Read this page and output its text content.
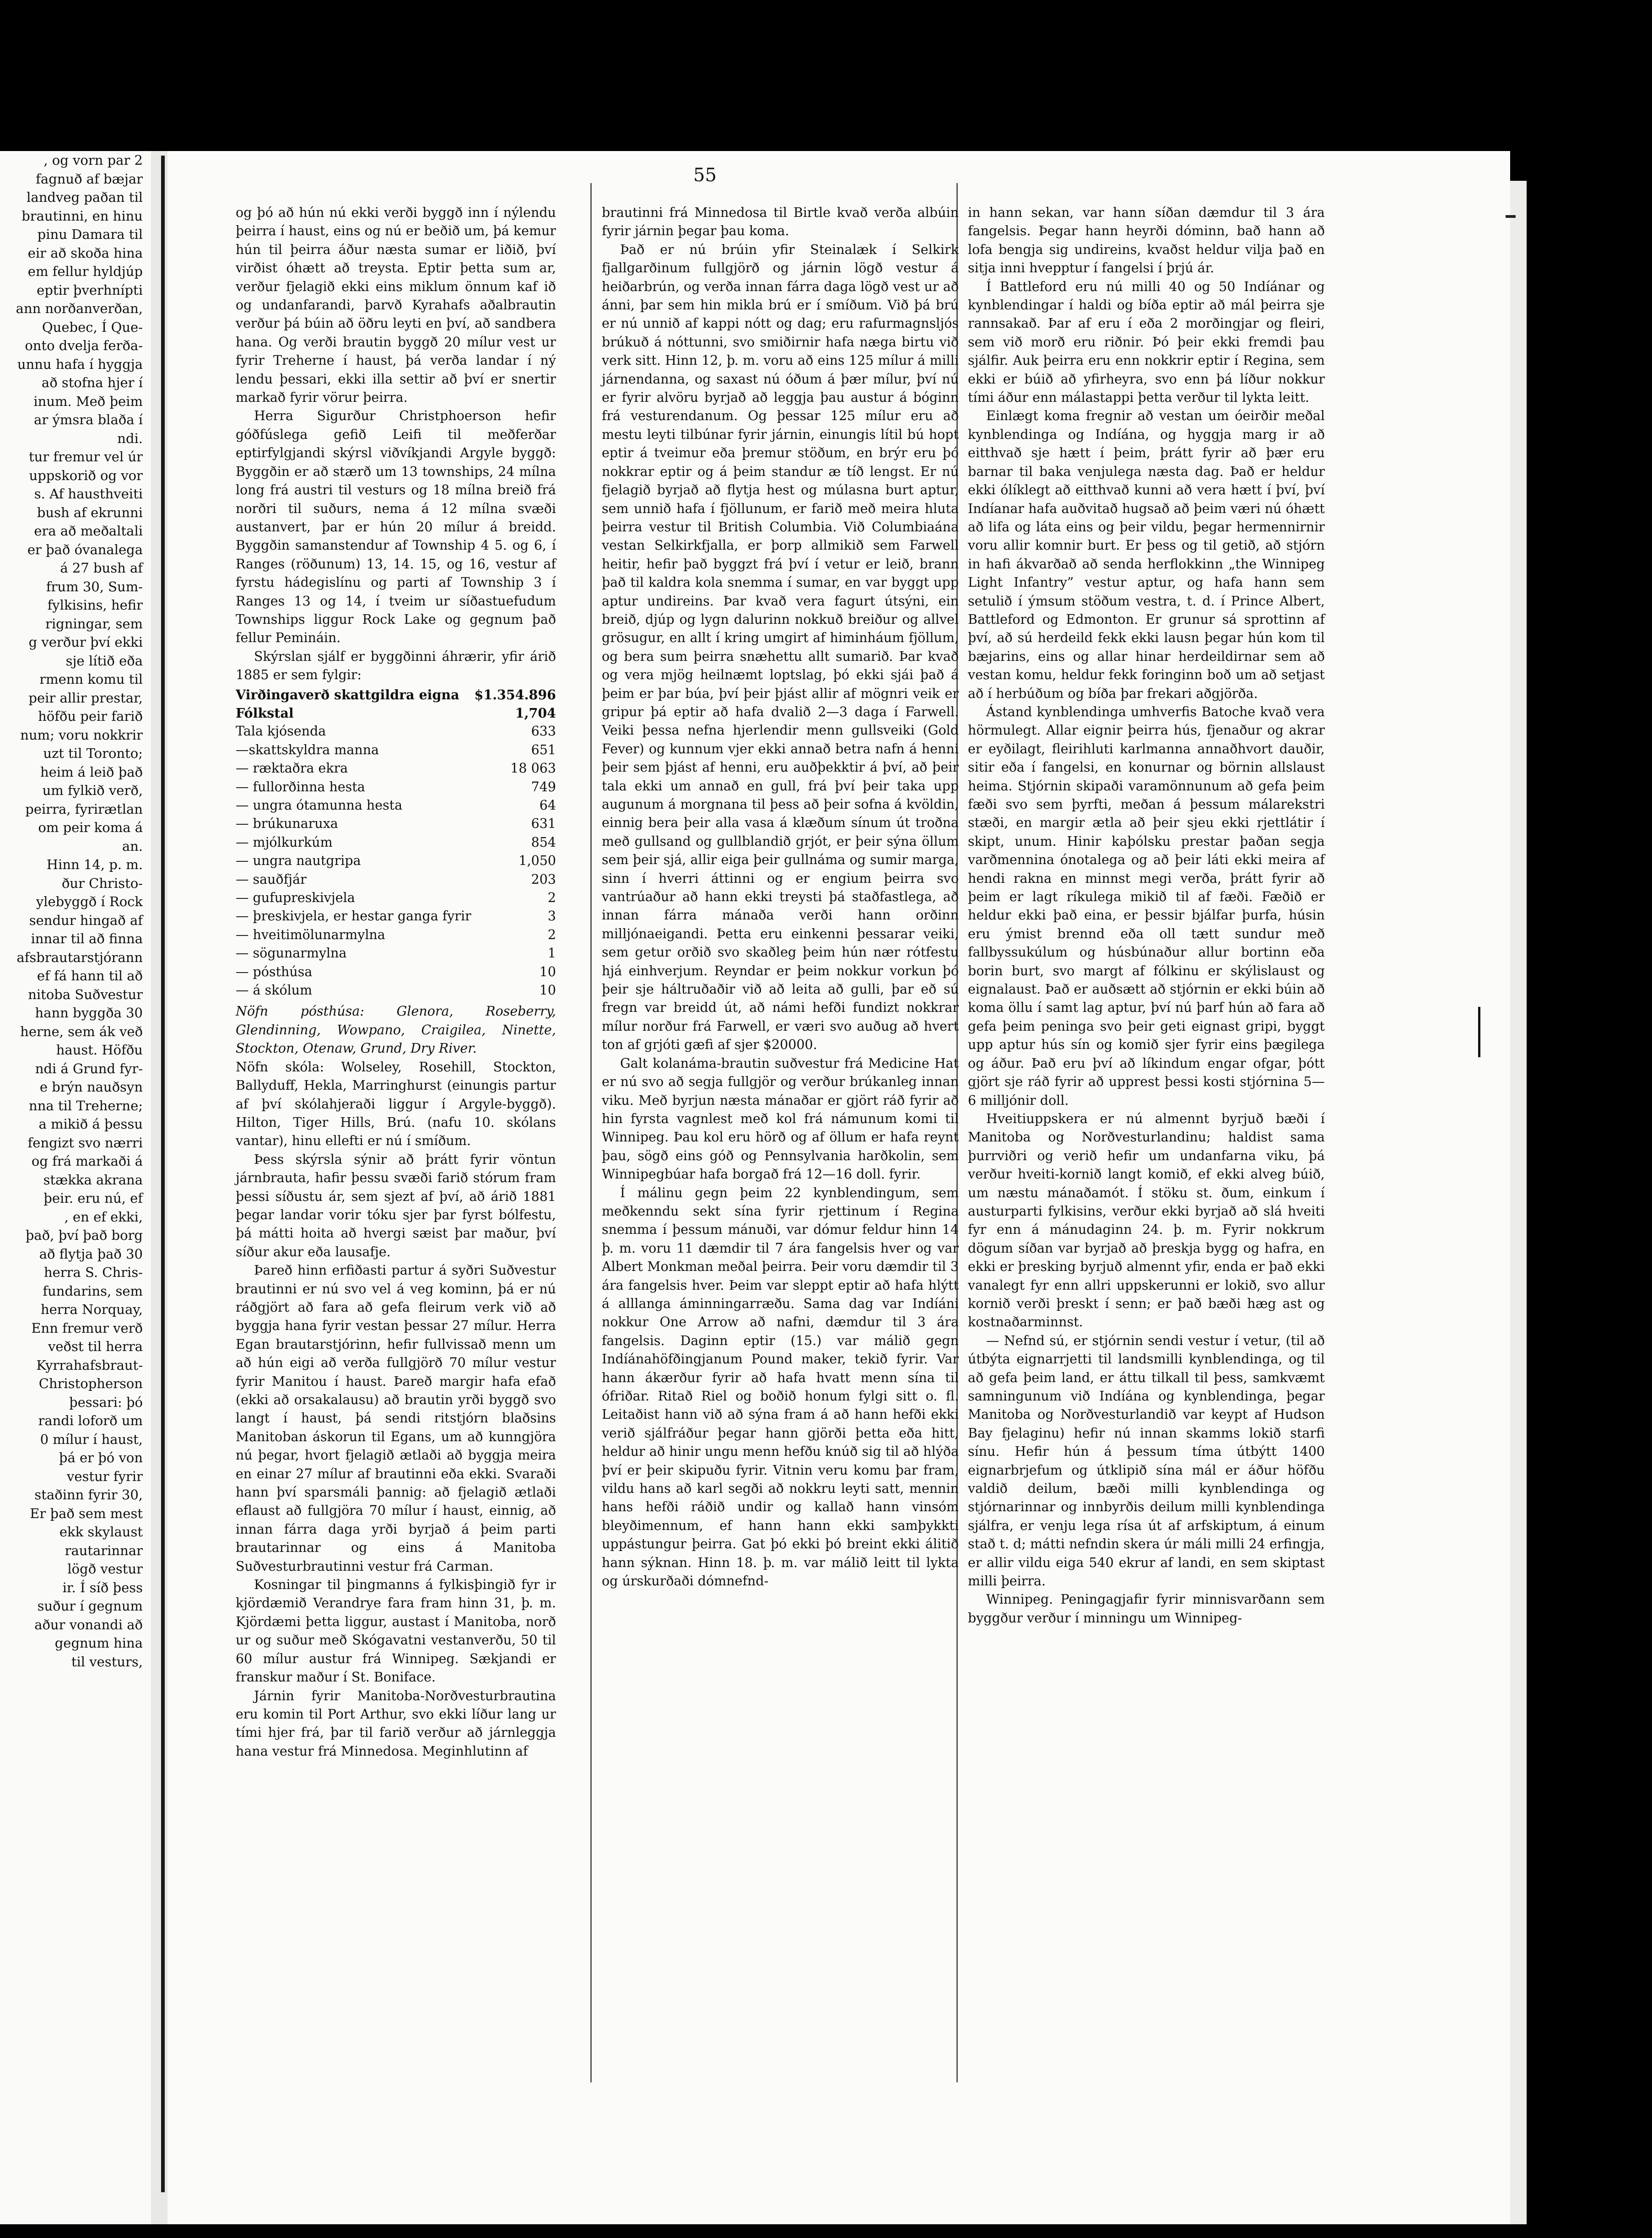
, og vorn par 2

fagnuð af bæjar

landveg paðan til

brautinni, en hinu

pinu Damara til

eir að skoða hina

em fellur hyldjúp

eptir þverhnípti

ann norðanverðan,

Quebec, Í Que-

onto dvelja ferða-

unnu hafa í hyggja

að stofna hjer í

inum. Með þeim

ar ýmsra blaða í

ndi.

tur fremur vel úr

uppskorið og vor

s. Af hausthveiti

bush af ekrunni

era að meðaltali

er það óvanalega

á 27 bush af

frum 30, Sum-

fylkisins, hefir

rigningar, sem

g verður því ekki

sje lítið eða

rmenn komu til

peir allir prestar,

höfðu peir farið

num; voru nokkrir

uzt til Toronto;

heim á leið það

um fylkið verð,

peirra, fyrirætlan

om peir koma á

an.

Hinn 14, p. m.

ður Christo-

ylebyggð í Rock

sendur hingað af

innar til að finna

afsbrautarstjórann

ef fá hann til að

nitoba Suðvestur

hann byggða 30

herne, sem ák veð

haust. Höfðu

ndi á Grund fyr-

e brýn nauðsyn

nna til Treherne;

a mikið á þessu

fengizt svo nærri

og frá markaði á

stækka akrana

þeir. eru nú, ef

, en ef ekki,

það, því það borg

að flytja það 30

herra S. Chris-

fundarins, sem

herra Norquay,

Enn fremur verð

veðst til herra

Kyrrahafsbraut-

Christopherson

þessari: þó

randi loforð um

0 mílur í haust,

þá er þó von

vestur fyrir

staðinn fyrir 30,

Er það sem mest

ekk skylaust

rautarinnar

lögð vestur

ir. Í síð þess

suður í gegnum

aður vonandi að

gegnum hina

til vesturs,

55

og þó að hún nú ekki verði byggð inn í nýlendu þeirra í haust, eins og nú er beðið um, þá kemur hún til þeirra áður næsta sumar er liðið, því virðist óhætt að treysta. Eptir þetta sum ar, verður fjelagið ekki eins miklum önnum kaf ið og undanfarandi, þarvð Kyrahafs aðalbrautin verður þá búin að öðru leyti en því, að sandbera hana. Og verði brautin byggð 20 mílur vest ur fyrir Treherne í haust, þá verða landar í ný lendu þessari, ekki illa settir að því er snertir markað fyrir vörur þeirra.

Herra Sigurður Christphoerson hefir góðfúslega gefið Leifi til meðferðar eptirfylgjandi skýrsl viðvíkjandi Argyle byggð: Byggðin er að stærð um 13 townships, 24 mílna long frá austri til vesturs og 18 mílna breið frá norðri til suðurs, nema á 12 mílna svæði austanvert, þar er hún 20 mílur á breidd. Byggðin samanstendur af Township 4 5. og 6, í Ranges (röðunum) 13, 14. 15, og 16, vestur af fyrstu hádegislínu og parti af Township 3 í Ranges 13 og 14, í tveim ur síðastuefudum Townships liggur Rock Lake og gegnum það fellur Pemináin.

Skýrslan sjálf er byggðinni áhrærir, yfir árið 1885 er sem fylgir:

Virðingaverð skattgildra eigna $1.354.896
Fólkstal	1,704
Tala kjósenda	633
—skattskyldra manna	651
— ræktaðra ekra	18 063
— fullorðinna hesta	749
— ungra ótamunna hesta	64
— brúkunaruxa	631
— mjólkurkúm	854
— ungra nautgripa	1,050
— sauðfjár	203
— gufupreskivjela	2
— þreskivjela, er hestar ganga fyrir	3
— hveitimölunarmylna	2
— sögunarmylna	1
— pósthúsa	10
— á skólum	10

Nöfn pósthúsa: Glenora, Roseberry, Glendinning, Wowpano, Craigilea, Ninette, Stockton, Otenaw, Grund, Dry River.

Nöfn skóla: Wolseley, Rosehill, Stockton, Ballyduff, Hekla, Marringhurst (einungis partur af því skólahjeraði liggur í Argyle-byggð). Hilton, Tiger Hills, Brú. (nafu 10. skólans vantar), hinu ellefti er nú í smíðum.

Þess skýrsla sýnir að þrátt fyrir vöntun járnbrauta, hafir þessu svæði farið stórum fram þessi síðustu ár, sem sjezt af því, að árið 1881 þegar landar vorir tóku sjer þar fyrst bólfestu, þá mátti hoita að hvergi sæist þar maður, því síður akur eða lausafje.

Þareð hinn erfiðasti partur á syðri Suðvestur brautinni er nú svo vel á veg kominn, þá er nú ráðgjört að fara að gefa fleirum verk við að byggja hana fyrir vestan þessar 27 mílur. Herra Egan brautarstjórinn, hefir fullvissað menn um að hún eigi að verða fullgjörð 70 mílur vestur fyrir Manitou í haust. Þareð margir hafa efað (ekki að orsakalausu) að brautin yrði byggð svo langt í haust, þá sendi ritstjórn blaðsins Manitoban áskorun til Egans, um að kunngjöra nú þegar, hvort fjelagið ætlaði að byggja meira en einar 27 mílur af brautinni eða ekki. Svaraði hann því sparsmáli þannig: að fjelagið ætlaði eflaust að fullgjöra 70 mílur í haust, einnig, að innan fárra daga yrði byrjað á þeim parti brautarinnar og eins á Manitoba Suðvesturbrautinni vestur frá Carman.

Kosningar til þingmanns á fylkisþingið fyr ir kjördæmið Verandrye fara fram hinn 31, þ. m. Kjördæmi þetta liggur, austast í Manitoba, norð ur og suður með Skógavatni vestanverðu, 50 til 60 mílur austur frá Winnipeg. Sækjandi er franskur maður í St. Boniface.

Járnin fyrir Manitoba-Norðvesturbrautina eru komin til Port Arthur, svo ekki líður lang ur tími hjer frá, þar til farið verður að járnleggja hana vestur frá Minnedosa. Meginhlutinn af

brautinni frá Minnedosa til Birtle kvað verða albúin fyrir járnin þegar þau koma.

Það er nú brúin yfir Steinalæk í Selkirk fjallgarðinum fullgjörð og járnin lögð vestur á heiðarbrún, og verða innan fárra daga lögð vest ur að ánni, þar sem hin mikla brú er í smíðum. Við þá brú er nú unnið af kappi nótt og dag; eru rafurmagnsljós brúkuð á nóttunni, svo smiðirnir hafa næga birtu við verk sitt. Hinn 12, þ. m. voru að eins 125 mílur á milli járnendanna, og saxast nú óðum á þær mílur, því nú er fyrir alvöru byrjað að leggja þau austur á bóginn frá vesturendanum. Og þessar 125 mílur eru að mestu leyti tilbúnar fyrir járnin, einungis lítil bú hopt eptir á tveimur eða þremur stöðum, en brýr eru þó nokkrar eptir og á þeim standur æ tíð lengst. Er nú fjelagið byrjað að flytja hest og múlasna burt aptur, sem unnið hafa í fjöllunum, er farið með meira hluta þeirra vestur til British Columbia. Við Columbiaána vestan Selkirkfjalla, er þorp allmikið sem Farwell heitir, hefir það byggzt frá því í vetur er leið, brann það til kaldra kola snemma í sumar, en var byggt upp aptur undireins. Þar kvað vera fagurt útsýni, ein breið, djúp og lygn dalurinn nokkuð breiður og allvel grösugur, en allt í kring umgirt af himinháum fjöllum, og bera sum þeirra snæhettu allt sumarið. Þar kvað og vera mjög heilnæmt loptslag, þó ekki sjái það á þeim er þar búa, því þeir þjást allir af mögnri veik er gripur þá eptir að hafa dvalið 2—3 daga í Farwell. Veiki þessa nefna hjerlendir menn gullsveiki (Gold Fever) og kunnum vjer ekki annað betra nafn á henni þeir sem þjást af henni, eru auðþekktir á því, að þeir tala ekki um annað en gull, frá því þeir taka upp augunum á morgnana til þess að þeir sofna á kvöldin, einnig bera þeir alla vasa á klæðum sínum út troðna með gullsand og gullblandið grjót, er þeir sýna öllum sem þeir sjá, allir eiga þeir gullnáma og sumir marga, sinn í hverri áttinni og er engium þeirra svo vantrúaður að hann ekki treysti þá staðfastlega, að innan fárra mánaða verði hann orðinn milljónaeigandi. Þetta eru einkenni þessarar veiki, sem getur orðið svo skaðleg þeim hún nær rótfestu hjá einhverjum. Reyndar er þeim nokkur vorkun þó þeir sje háltruðaðir við að leita að gulli, þar eð sú fregn var breidd út, að námi hefði fundizt nokkrar mílur norður frá Farwell, er væri svo auðug að hvert ton af grjóti gæfi af sjer $20000.

Galt kolanáma-brautin suðvestur frá Medicine Hat er nú svo að segja fullgjör og verður brúkanleg innan viku. Með byrjun næsta mánaðar er gjört ráð fyrir að hin fyrsta vagnlest með kol frá námunum komi til Winnipeg. Þau kol eru hörð og af öllum er hafa reynt þau, sögð eins góð og Pennsylvania harðkolin, sem Winnipegbúar hafa borgað frá 12—16 doll. fyrir.

Í málinu gegn þeim 22 kynblendingum, sem meðkenndu sekt sína fyrir rjettinum í Regina snemma í þessum mánuði, var dómur feldur hinn 14 þ. m. voru 11 dæmdir til 7 ára fangelsis hver og var Albert Monkman meðal þeirra. Þeir voru dæmdir til 3 ára fangelsis hver. Þeim var sleppt eptir að hafa hlýtt á alllanga áminningarræðu. Sama dag var Indíáni nokkur One Arrow að nafni, dæmdur til 3 ára fangelsis. Daginn eptir (15.) var málið gegn Indíánahöfðingjanum Pound maker, tekið fyrir. Var hann ákærður fyrir að hafa hvatt menn sína til ófriðar. Ritað Riel og boðið honum fylgi sitt o. fl. Leitaðist hann við að sýna fram á að hann hefði ekki verið sjálfráður þegar hann gjörði þetta eða hitt, heldur að hinir ungu menn hefðu knúð sig til að hlýða því er þeir skipuðu fyrir. Vitnin veru komu þar fram, vildu hans að karl segði að nokkru leyti satt, mennin hans hefði ráðið undir og kallað hann vinsóm bleyðimennum, ef hann hann ekki samþykkti uppástungur þeirra. Gat þó ekki þó breint ekki álitið hann sýknan. Hinn 18. þ. m. var málið leitt til lykta og úrskurðaði dómnefnd-

in hann sekan, var hann síðan dæmdur til 3 ára fangelsis. Þegar hann heyrði dóminn, bað hann að lofa bengja sig undireins, kvaðst heldur vilja það en sitja inni hvepptur í fangelsi í þrjú ár.

Í Battleford eru nú milli 40 og 50 Indíánar og kynblendingar í haldi og bíða eptir að mál þeirra sje rannsakað. Þar af eru í eða 2 morðingjar og fleiri, sem við morð eru riðnir. Þó þeir ekki fremdi þau sjálfir. Auk þeirra eru enn nokkrir eptir í Regina, sem ekki er búið að yfirheyra, svo enn þá líður nokkur tími áður enn málastappi þetta verður til lykta leitt.

Einlægt koma fregnir að vestan um óeirðir meðal kynblendinga og Indíána, og hyggja marg ir að eitthvað sje hætt í þeim, þrátt fyrir að þær eru barnar til baka venjulega næsta dag. Það er heldur ekki ólíklegt að eitthvað kunni að vera hætt í því, því Indíanar hafa auðvitað hugsað að þeim væri nú óhætt að lifa og láta eins og þeir vildu, þegar hermennirnir voru allir komnir burt. Er þess og til getið, að stjórn in hafi ákvarðað að senda herflokkinn „the Winnipeg Light Infantry” vestur aptur, og hafa hann sem setulið í ýmsum stöðum vestra, t. d. í Prince Albert, Battleford og Edmonton. Er grunur sá sprottinn af því, að sú herdeild fekk ekki lausn þegar hún kom til bæjarins, eins og allar hinar herdeildirnar sem að vestan komu, heldur fekk foringinn boð um að setjast að í herbúðum og bíða þar frekari aðgjörða.

Ástand kynblendinga umhverfis Batoche kvað vera hörmulegt. Allar eignir þeirra hús, fjenaður og akrar er eyðilagt, fleirihluti karlmanna annaðhvort dauðir, sitir eða í fangelsi, en konurnar og börnin allslaust heima. Stjórnin skipaði varamönnunum að gefa þeim fæði svo sem þyrfti, meðan á þessum málarekstri stæði, en margir ætla að þeir sjeu ekki rjettlátir í skipt, unum. Hinir kaþólsku prestar þaðan segja varðmennina ónotalega og að þeir láti ekki meira af hendi rakna en minnst megi verða, þrátt fyrir að þeim er lagt ríkulega mikið til af fæði. Fæðið er heldur ekki það eina, er þessir bjálfar þurfa, húsin eru ýmist brennd eða oll tætt sundur með fallbyssukúlum og húsbúnaður allur bortinn eða borin burt, svo margt af fólkinu er skýlislaust og eignalaust. Það er auðsætt að stjórnin er ekki búin að koma öllu í samt lag aptur, því nú þarf hún að fara að gefa þeim peninga svo þeir geti eignast gripi, byggt upp aptur hús sín og komið sjer fyrir eins þægilega og áður. Það eru því að líkindum engar ofgar, þótt gjört sje ráð fyrir að upprest þessi kosti stjórnina 5—6 milljónir doll.

Hveitiuppskera er nú almennt byrjuð bæði í Manitoba og Norðvesturlandinu; haldist sama þurrviðri og verið hefir um undanfarna viku, þá verður hveiti-kornið langt komið, ef ekki alveg búið, um næstu mánaðamót. Í stöku st. ðum, einkum í austurparti fylkisins, verður ekki byrjað að slá hveiti fyr enn á mánudaginn 24. þ. m. Fyrir nokkrum dögum síðan var byrjað að þreskja bygg og hafra, en ekki er þresking byrjuð almennt yfir, enda er það ekki vanalegt fyr enn allri uppskerunni er lokið, svo allur kornið verði þreskt í senn; er það bæði hæg ast og kostnaðarminnst.

— Nefnd sú, er stjórnin sendi vestur í vetur, (til að útbýta eignarrjetti til landsmilli kynblendinga, og til að gefa þeim land, er áttu tilkall til þess, samkvæmt samningunum við Indíána og kynblendinga, þegar Manitoba og Norðvesturlandið var keypt af Hudson Bay fjelaginu) hefir nú innan skamms lokið starfi sínu. Hefir hún á þessum tíma útbýtt 1400 eignarbrjefum og útklipið sína mál er áður höfðu valdið deilum, bæði milli kynblendinga og stjórnarinnar og innbyrðis deilum milli kynblendinga sjálfra, er venju lega rísa út af arfskiptum, á einum stað t. d; mátti nefndin skera úr máli milli 24 erfingja, er allir vildu eiga 540 ekrur af landi, en sem skiptast milli þeirra.

Winnipeg. Peningagjafir fyrir minnisvarðann sem byggður verður í minningu um Winnipeg-
